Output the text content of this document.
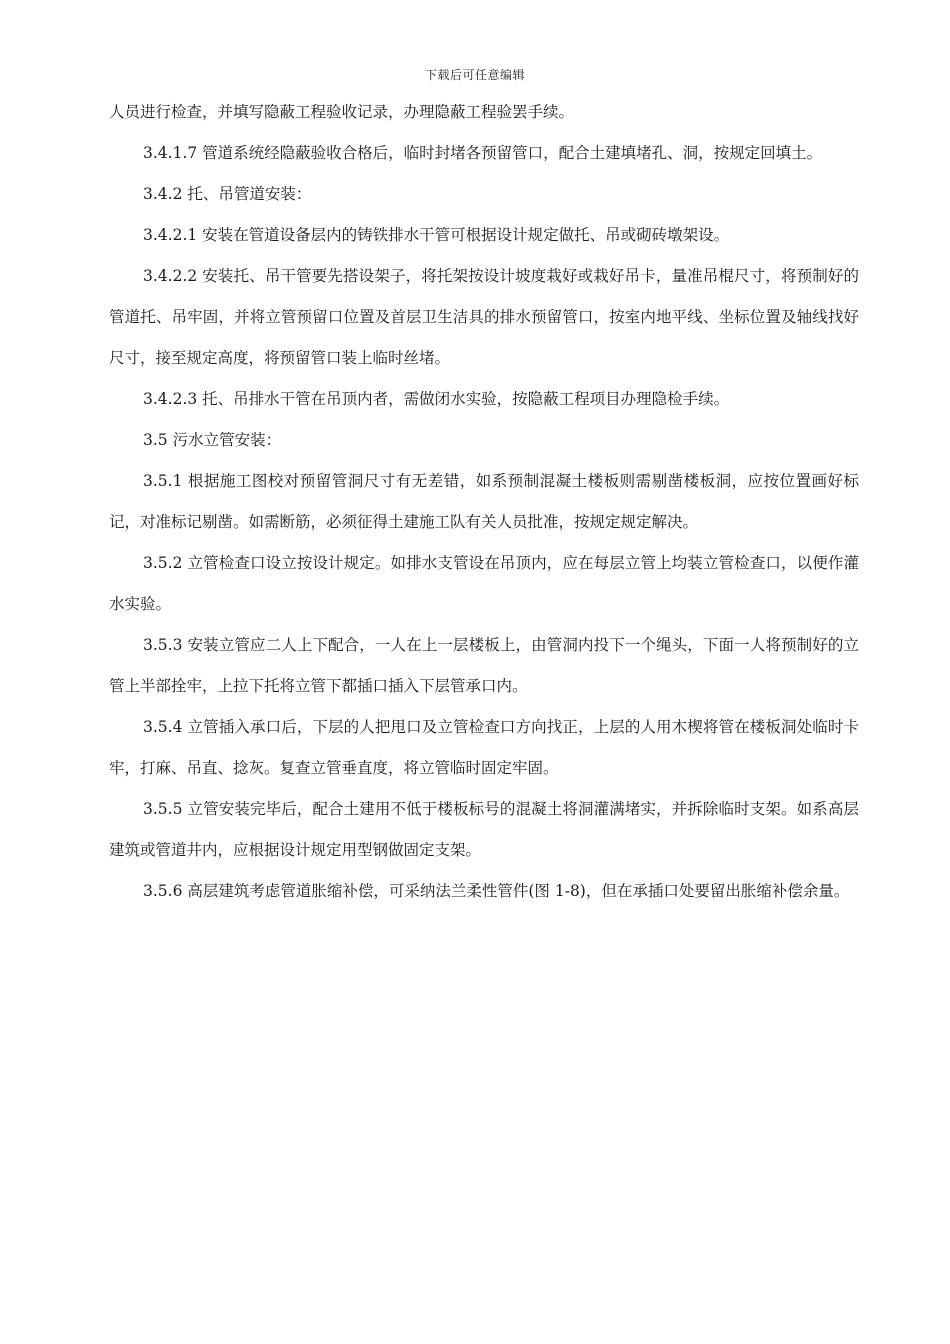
下载后可任意编辑

人员进行检查，并填写隐蔽工程验收记录，办理隐蔽工程验罢手续。

3.4.1.7 管道系统经隐蔽验收合格后，临时封堵各预留管口，配合土建填堵孔、洞，按规定回填土。

3.4.2 托、吊管道安装：

3.4.2.1 安装在管道设备层内的铸铁排水干管可根据设计规定做托、吊或砌砖墩架设。

3.4.2.2 安装托、吊干管要先搭设架子，将托架按设计坡度栽好或栽好吊卡，量准吊棍尺寸，将预制好的管道托、吊牢固，并将立管预留口位置及首层卫生洁具的排水预留管口，按室内地平线、坐标位置及轴线找好尺寸，接至规定高度，将预留管口装上临时丝堵。

3.4.2.3 托、吊排水干管在吊顶内者，需做闭水实验，按隐蔽工程项目办理隐检手续。

3.5 污水立管安装：

3.5.1 根据施工图校对预留管洞尺寸有无差错，如系预制混凝土楼板则需剔凿楼板洞，应按位置画好标记，对准标记剔凿。如需断筋，必须征得土建施工队有关人员批准，按规定规定解决。

3.5.2 立管检查口设立按设计规定。如排水支管设在吊顶内，应在每层立管上均装立管检查口，以便作灌水实验。

3.5.3 安装立管应二人上下配合，一人在上一层楼板上，由管洞内投下一个绳头，下面一人将预制好的立管上半部拴牢，上拉下托将立管下都插口插入下层管承口内。

3.5.4 立管插入承口后，下层的人把甩口及立管检查口方向找正，上层的人用木楔将管在楼板洞处临时卡牢，打麻、吊直、捻灰。复查立管垂直度，将立管临时固定牢固。

3.5.5 立管安装完毕后，配合土建用不低于楼板标号的混凝土将洞灌满堵实，并拆除临时支架。如系高层建筑或管道井内，应根据设计规定用型钢做固定支架。

3.5.6 高层建筑考虑管道胀缩补偿，可采纳法兰柔性管件(图 1-8)，但在承插口处要留出胀缩补偿余量。
